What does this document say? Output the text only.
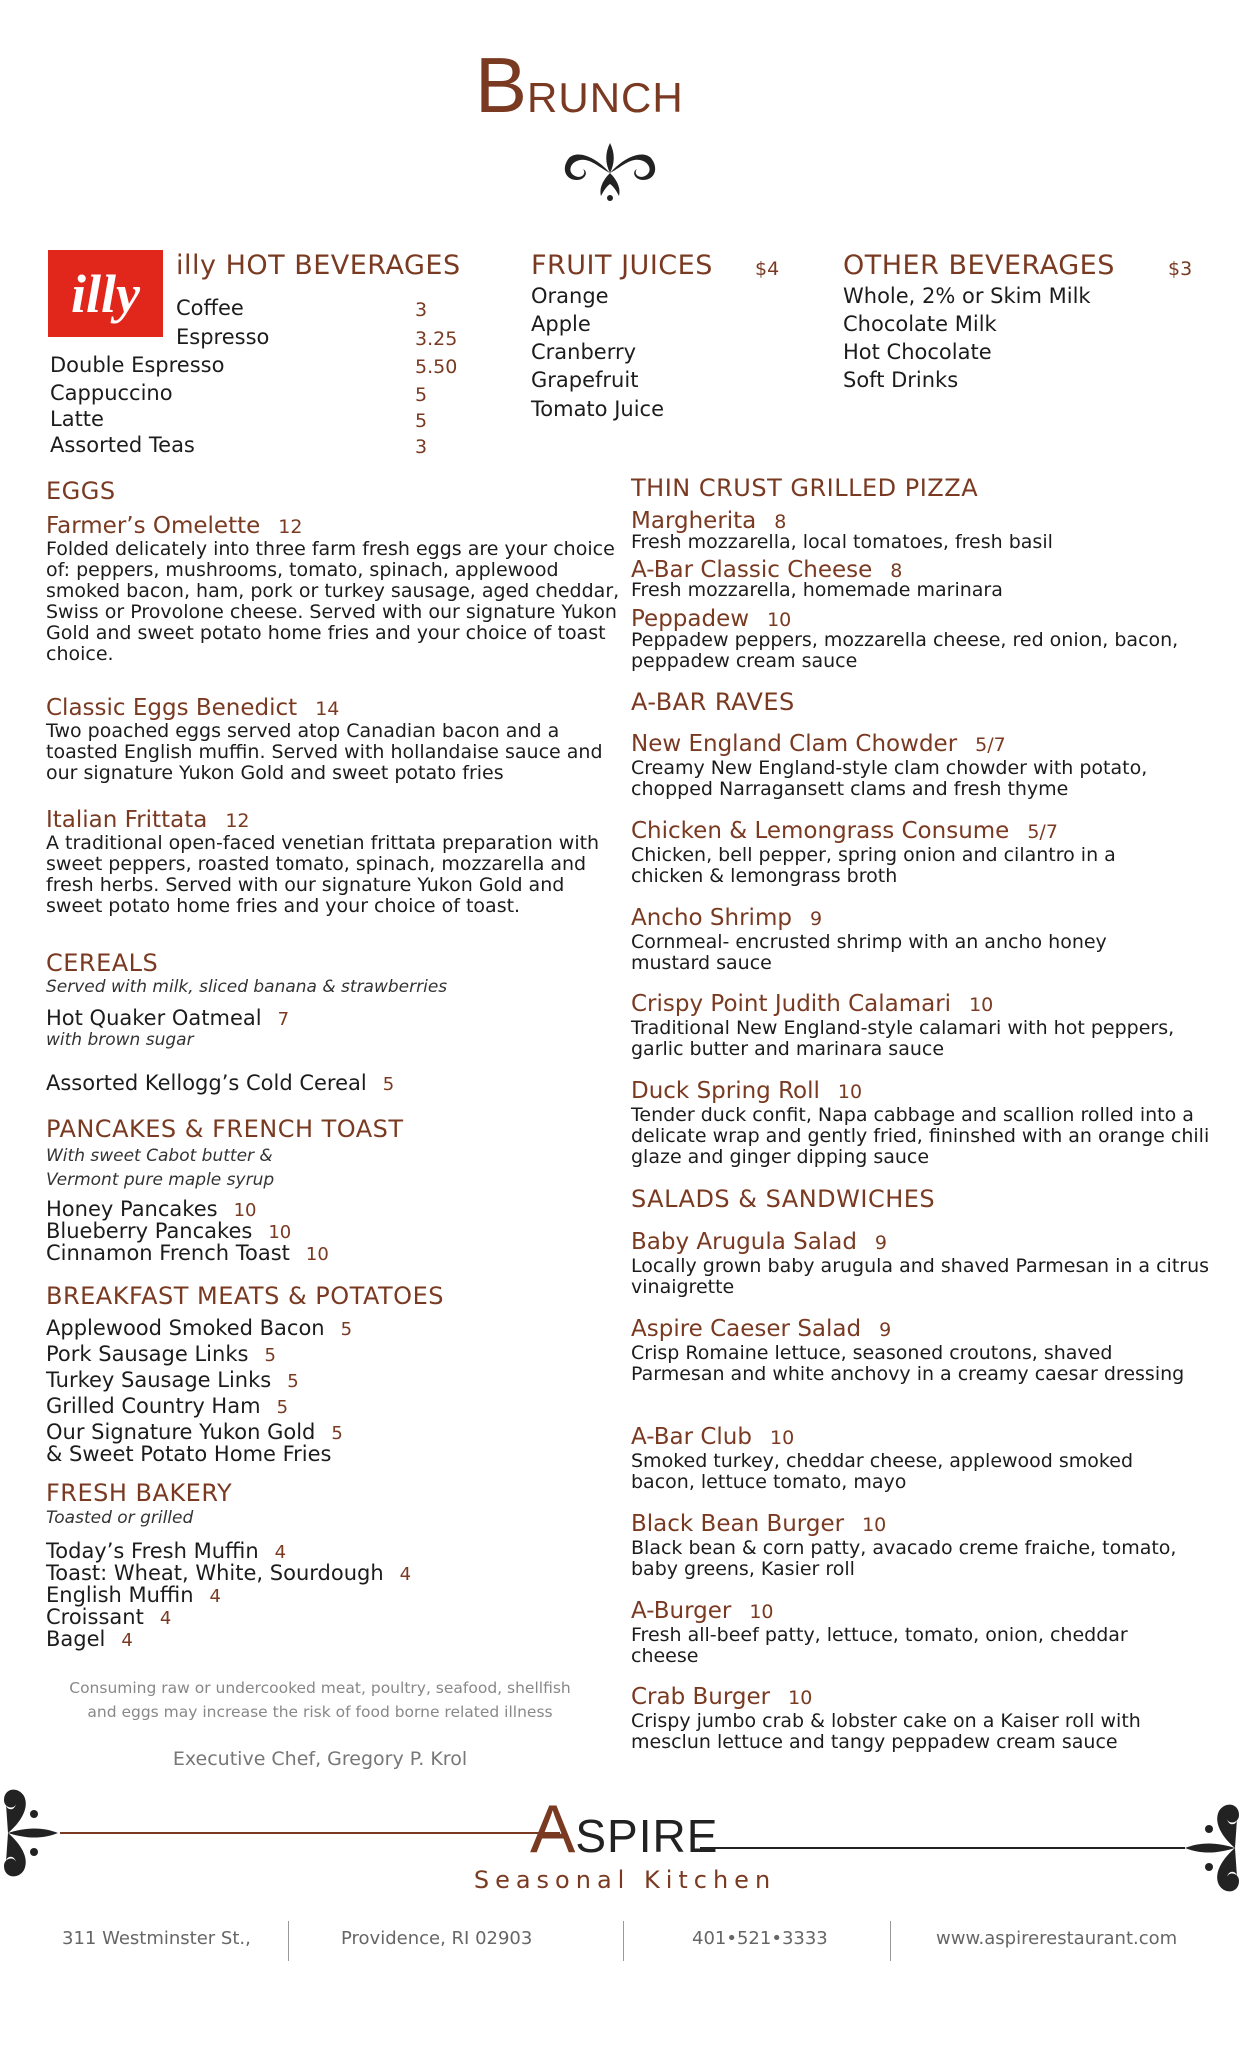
BRUNCH
illy illy HOT BEVERAGES
Coffee	3
Espresso	3.25
Double Espresso	5.50
Cappuccino	5
Latte	5
Assorted Teas	3
FRUIT JUICES $4
Orange
Apple
Cranberry
Grapefruit
Tomato Juice
OTHER BEVERAGES	$3
Whole, 2% or Skim Milk
Chocolate Milk
Hot Chocolate
Soft Drinks
EGGS
Farmer’s Omelette 12
Folded delicately into three farm fresh eggs are your choice of: peppers, mushrooms, tomato, spinach, applewood smoked bacon, ham, pork or turkey sausage, aged cheddar, Swiss or Provolone cheese. Served with our signature Yukon Gold and sweet potato home fries and your choice of toast choice.
Classic Eggs Benedict 14
Two poached eggs served atop Canadian bacon and a toasted English muffin. Served with hollandaise sauce and our signature Yukon Gold and sweet potato fries
Italian Frittata 12
A traditional open-faced venetian frittata preparation with sweet peppers, roasted tomato, spinach, mozzarella and fresh herbs. Served with our signature Yukon Gold and sweet potato home fries and your choice of toast.
CEREALS
Served with milk, sliced banana & strawberries
Hot Quaker Oatmeal 7
with brown sugar
Assorted Kellogg’s Cold Cereal 5
PANCAKES & FRENCH TOAST
With sweet Cabot butter &
Vermont pure maple syrup
Honey Pancakes 10
Blueberry Pancakes 10
Cinnamon French Toast 10
BREAKFAST MEATS & POTATOES
Applewood Smoked Bacon 5
Pork Sausage Links 5
Turkey Sausage Links 5
Grilled Country Ham 5
Our Signature Yukon Gold 5
& Sweet Potato Home Fries
FRESH BAKERY
Toasted or grilled
Today’s Fresh Muffin 4
Toast: Wheat, White, Sourdough 4
English Muffin 4
Croissant 4
Bagel 4
Consuming raw or undercooked meat, poultry, seafood, shellfish
and eggs may increase the risk of food borne related illness
Executive Chef, Gregory P. Krol
THIN CRUST GRILLED PIZZA
Margherita 8
Fresh mozzarella, local tomatoes, fresh basil
A-Bar Classic Cheese 8
Fresh mozzarella, homemade marinara
Peppadew 10
Peppadew peppers, mozzarella cheese, red onion, bacon, peppadew cream sauce
A-BAR RAVES
New England Clam Chowder 5/7
Creamy New England-style clam chowder with potato, chopped Narragansett clams and fresh thyme
Chicken & Lemongrass Consume 5/7
Chicken, bell pepper, spring onion and cilantro in a chicken & lemongrass broth
Ancho Shrimp 9
Cornmeal- encrusted shrimp with an ancho honey mustard sauce
Crispy Point Judith Calamari 10
Traditional New England-style calamari with hot peppers, garlic butter and marinara sauce
Duck Spring Roll 10
Tender duck confit, Napa cabbage and scallion rolled into a delicate wrap and gently fried, fininshed with an orange chili glaze and ginger dipping sauce
SALADS & SANDWICHES
Baby Arugula Salad 9
Locally grown baby arugula and shaved Parmesan in a citrus vinaigrette
Aspire Caeser Salad 9
Crisp Romaine lettuce, seasoned croutons, shaved Parmesan and white anchovy in a creamy caesar dressing
A-Bar Club 10
Smoked turkey, cheddar cheese, applewood smoked bacon, lettuce tomato, mayo
Black Bean Burger 10
Black bean & corn patty, avacado creme fraiche, tomato, baby greens, Kasier roll
A-Burger 10
Fresh all-beef patty, lettuce, tomato, onion, cheddar cheese
Crab Burger 10
Crispy jumbo crab & lobster cake on a Kaiser roll with mesclun lettuce and tangy peppadew cream sauce
ASPIRE
Seasonal Kitchen
311 Westminster St.,	Providence, RI 02903	401•521•3333	www.aspirerestaurant.com
